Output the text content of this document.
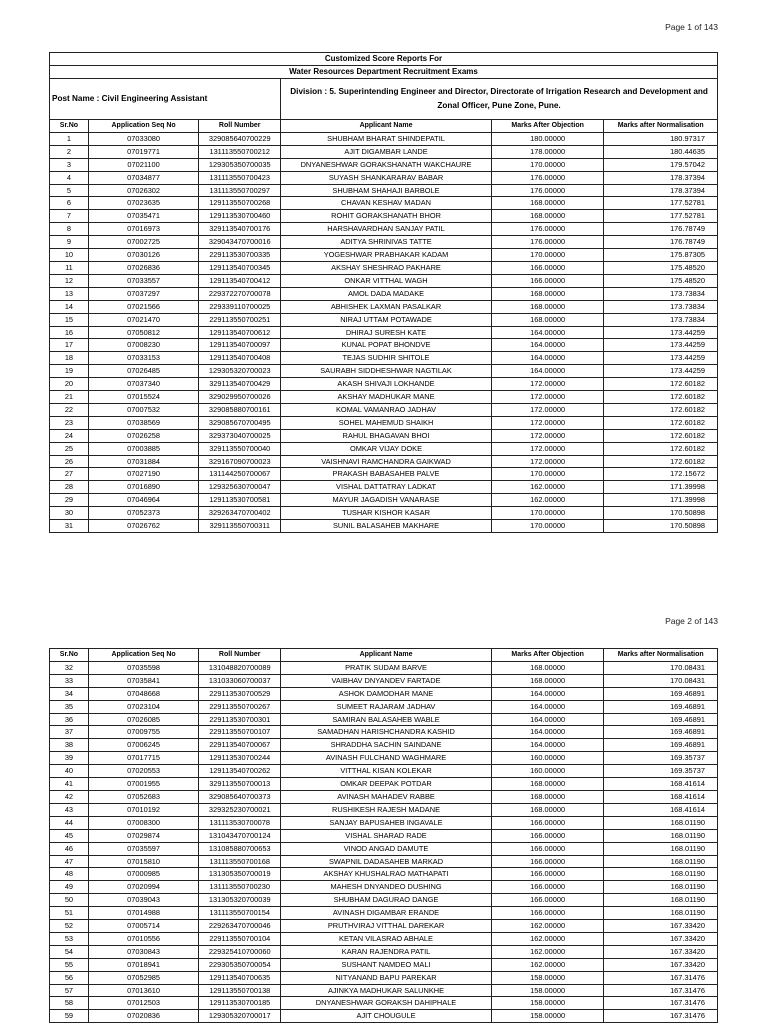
Page 1 of 143
Customized Score Reports For					
Water Resources Department Recruitment Exams					
Post Name : Civil Engineering Assistant			Division : 5. Superintending Engineer and Director, Directorate of Irrigation Research and Development and Zonal Officer, Pune Zone, Pune.		
Sr.No	Application Seq No	Roll Number	Applicant Name	Marks After Objection	Marks after Normalisation
1	07033080	329085640700229	SHUBHAM BHARAT SHINDEPATIL	180.00000	180.97317
2	07019771	131113550700212	AJIT DIGAMBAR LANDE	178.00000	180.44635
3	07021100	129305350700035	DNYANESHWAR GORAKSHANATH WAKCHAURE	170.00000	179.57042
4	07034877	131113550700423	SUYASH SHANKARARAV BABAR	176.00000	178.37394
5	07026302	131113550700297	SHUBHAM SHAHAJI BARBOLE	176.00000	178.37394
6	07023635	129113550700268	CHAVAN KESHAV MADAN	168.00000	177.52781
7	07035471	129113530700460	ROHIT GORAKSHANATH BHOR	168.00000	177.52781
8	07016973	329113540700176	HARSHAVARDHAN SANJAY PATIL	176.00000	176.78749
9	07002725	329043470700016	ADITYA SHRINIVAS TATTE	176.00000	176.78749
10	07030126	229113530700335	YOGESHWAR PRABHAKAR KADAM	170.00000	175.87305
11	07026836	129113540700345	AKSHAY SHESHRAO PAKHARE	166.00000	175.48520
12	07033557	129113540700412	ONKAR VITTHAL WAGH	166.00000	175.48520
13	07037297	229372270700078	AMOL DADA MADAKE	168.00000	173.73834
14	07021566	229339110700025	ABHISHEK LAXMAN PASALKAR	168.00000	173.73834
15	07021470	229113550700251	NIRAJ UTTAM POTAWADE	168.00000	173.73834
16	07050812	129113540700612	DHIRAJ SURESH KATE	164.00000	173.44259
17	07008230	129113540700097	KUNAL POPAT BHONDVE	164.00000	173.44259
18	07033153	129113540700408	TEJAS SUDHIR SHITOLE	164.00000	173.44259
19	07026485	129305320700023	SAURABH SIDDHESHWAR NAGTILAK	164.00000	173.44259
20	07037340	329113540700429	AKASH SHIVAJI LOKHANDE	172.00000	172.60182
21	07015524	329029950700026	AKSHAY MADHUKAR MANE	172.00000	172.60182
22	07007532	329085880700161	KOMAL VAMANRAO JADHAV	172.00000	172.60182
23	07038569	329085670700495	SOHEL MAHEMUD SHAIKH	172.00000	172.60182
24	07026258	329373040700025	RAHUL BHAGAVAN BHOI	172.00000	172.60182
25	07003885	329113550700040	OMKAR VIJAY DOKE	172.00000	172.60182
26	07031884	329167090700023	VAISHNAVI RAMCHANDRA GAIKWAD	172.00000	172.60182
27	07027190	131144250700067	PRAKASH BABASAHEB PALVE	170.00000	172.15672
28	07016890	129325630700047	VISHAL DATTATRAY LADKAT	162.00000	171.39998
29	07046964	129113530700581	MAYUR JAGADISH VANARASE	162.00000	171.39998
30	07052373	329263470700402	TUSHAR KISHOR KASAR	170.00000	170.50898
31	07026762	329113550700311	SUNIL BALASAHEB MAKHARE	170.00000	170.50898
Page 2 of 143
Sr.No	Application Seq No	Roll Number	Applicant Name	Marks After Objection	Marks after Normalisation
32	07035598	131048820700089	PRATIK SUDAM BARVE	168.00000	170.08431
33	07035841	131033060700037	VAIBHAV DNYANDEV FARTADE	168.00000	170.08431
34	07048668	229113530700529	ASHOK DAMODHAR MANE	164.00000	169.46891
35	07023104	229113550700267	SUMEET RAJARAM JADHAV	164.00000	169.46891
36	07026085	229113530700301	SAMIRAN BALASAHEB WABLE	164.00000	169.46891
37	07009755	229113550700107	SAMADHAN HARISHCHANDRA KASHID	164.00000	169.46891
38	07006245	229113540700067	SHRADDHA SACHIN SAINDANE	164.00000	169.46891
39	07017715	129113530700244	AVINASH FULCHAND WAGHMARE	160.00000	169.35737
40	07020553	129113540700262	VITTHAL KISAN KOLEKAR	160.00000	169.35737
41	07001955	329113550700013	OMKAR DEEPAK POTDAR	168.00000	168.41614
42	07052683	329085640700373	AVINASH MAHADEV RABBE	168.00000	168.41614
43	07010192	329325230700021	RUSHIKESH RAJESH MADANE	168.00000	168.41614
44	07008300	131113530700078	SANJAY BAPUSAHEB INGAVALE	166.00000	168.01190
45	07029874	131043470700124	VISHAL SHARAD RADE	166.00000	168.01190
46	07035597	131085880700653	VINOD ANGAD DAMUTE	166.00000	168.01190
47	07015810	131113550700168	SWAPNIL DADASAHEB MARKAD	166.00000	168.01190
48	07000985	131305350700019	AKSHAY KHUSHALRAO MATHAPATI	166.00000	168.01190
49	07020994	131113550700230	MAHESH DNYANDEO DUSHING	166.00000	168.01190
50	07039043	131305320700039	SHUBHAM DAGURAO DANGE	166.00000	168.01190
51	07014988	131113550700154	AVINASH DIGAMBAR ERANDE	166.00000	168.01190
52	07005714	229263470700046	PRUTHVIRAJ VITTHAL DAREKAR	162.00000	167.33420
53	07010556	229113550700104	KETAN VILASRAO ABHALE	162.00000	167.33420
54	07030843	229325410700060	KARAN RAJENDRA PATIL	162.00000	167.33420
55	07018941	229305350700054	SUSHANT NAMDEO MALI	162.00000	167.33420
56	07052985	129113540700635	NITYANAND BAPU PAREKAR	158.00000	167.31476
57	07013610	129113550700138	AJINKYA MADHUKAR SALUNKHE	158.00000	167.31476
58	07012503	129113530700185	DNYANESHWAR GORAKSH DAHIPHALE	158.00000	167.31476
59	07020836	129305320700017	AJIT CHOUGULE	158.00000	167.31476
